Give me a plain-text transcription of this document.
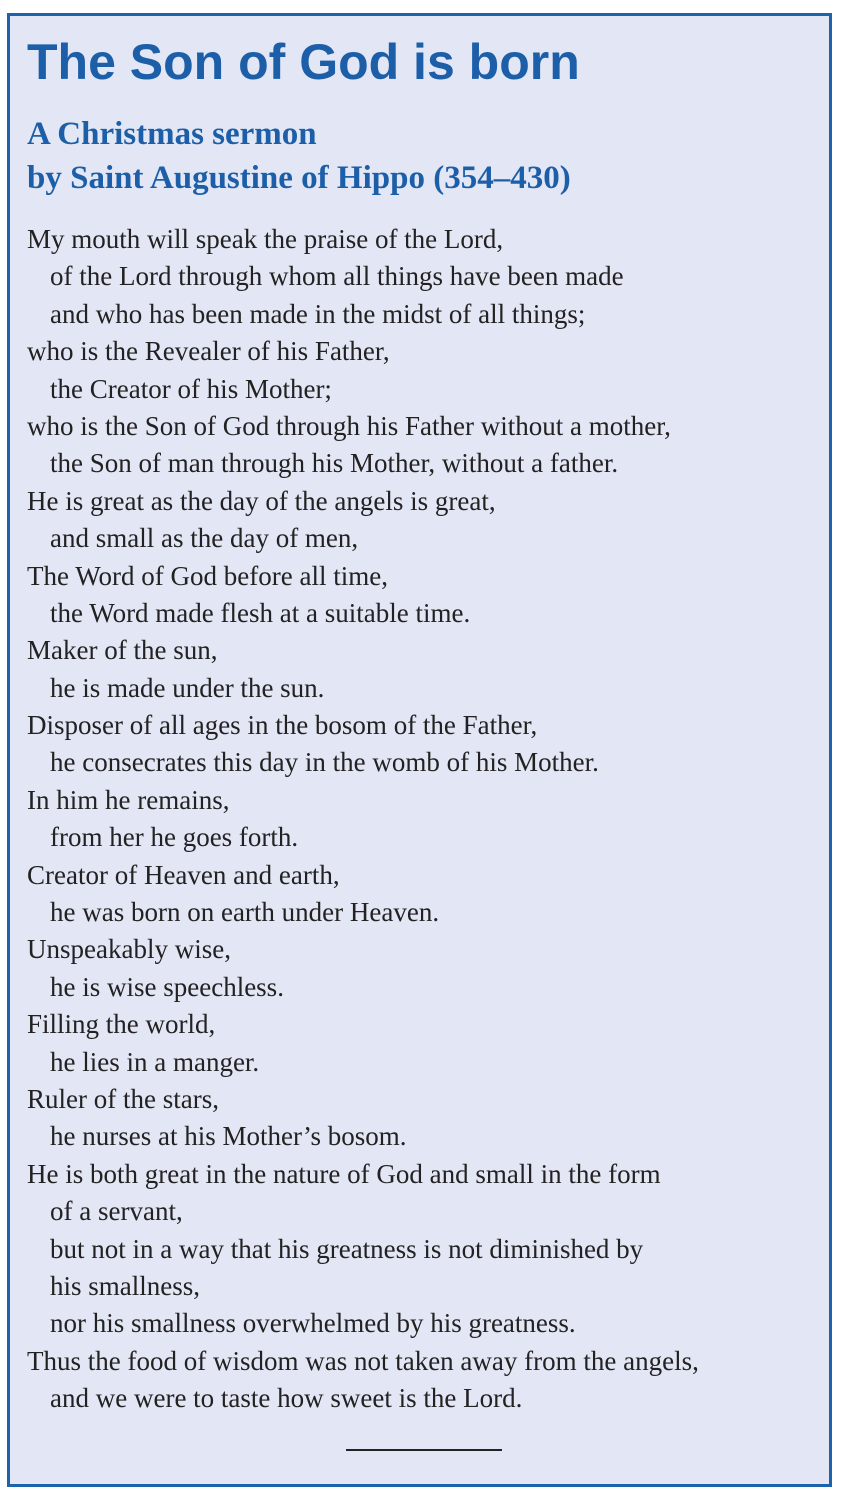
The Son of God is born
A Christmas sermon
by Saint Augustine of Hippo (354–430)
My mouth will speak the praise of the Lord,
of the Lord through whom all things have been made
and who has been made in the midst of all things;
who is the Revealer of his Father,
the Creator of his Mother;
who is the Son of God through his Father without a mother,
the Son of man through his Mother, without a father.
He is great as the day of the angels is great,
and small as the day of men,
The Word of God before all time,
the Word made flesh at a suitable time.
Maker of the sun,
he is made under the sun.
Disposer of all ages in the bosom of the Father,
he consecrates this day in the womb of his Mother.
In him he remains,
from her he goes forth.
Creator of Heaven and earth,
he was born on earth under Heaven.
Unspeakably wise,
he is wise speechless.
Filling the world,
he lies in a manger.
Ruler of the stars,
he nurses at his Mother’s bosom.
He is both great in the nature of God and small in the form
of a servant,
but not in a way that his greatness is not diminished by
his smallness,
nor his smallness overwhelmed by his greatness.
Thus the food of wisdom was not taken away from the angels,
and we were to taste how sweet is the Lord.
